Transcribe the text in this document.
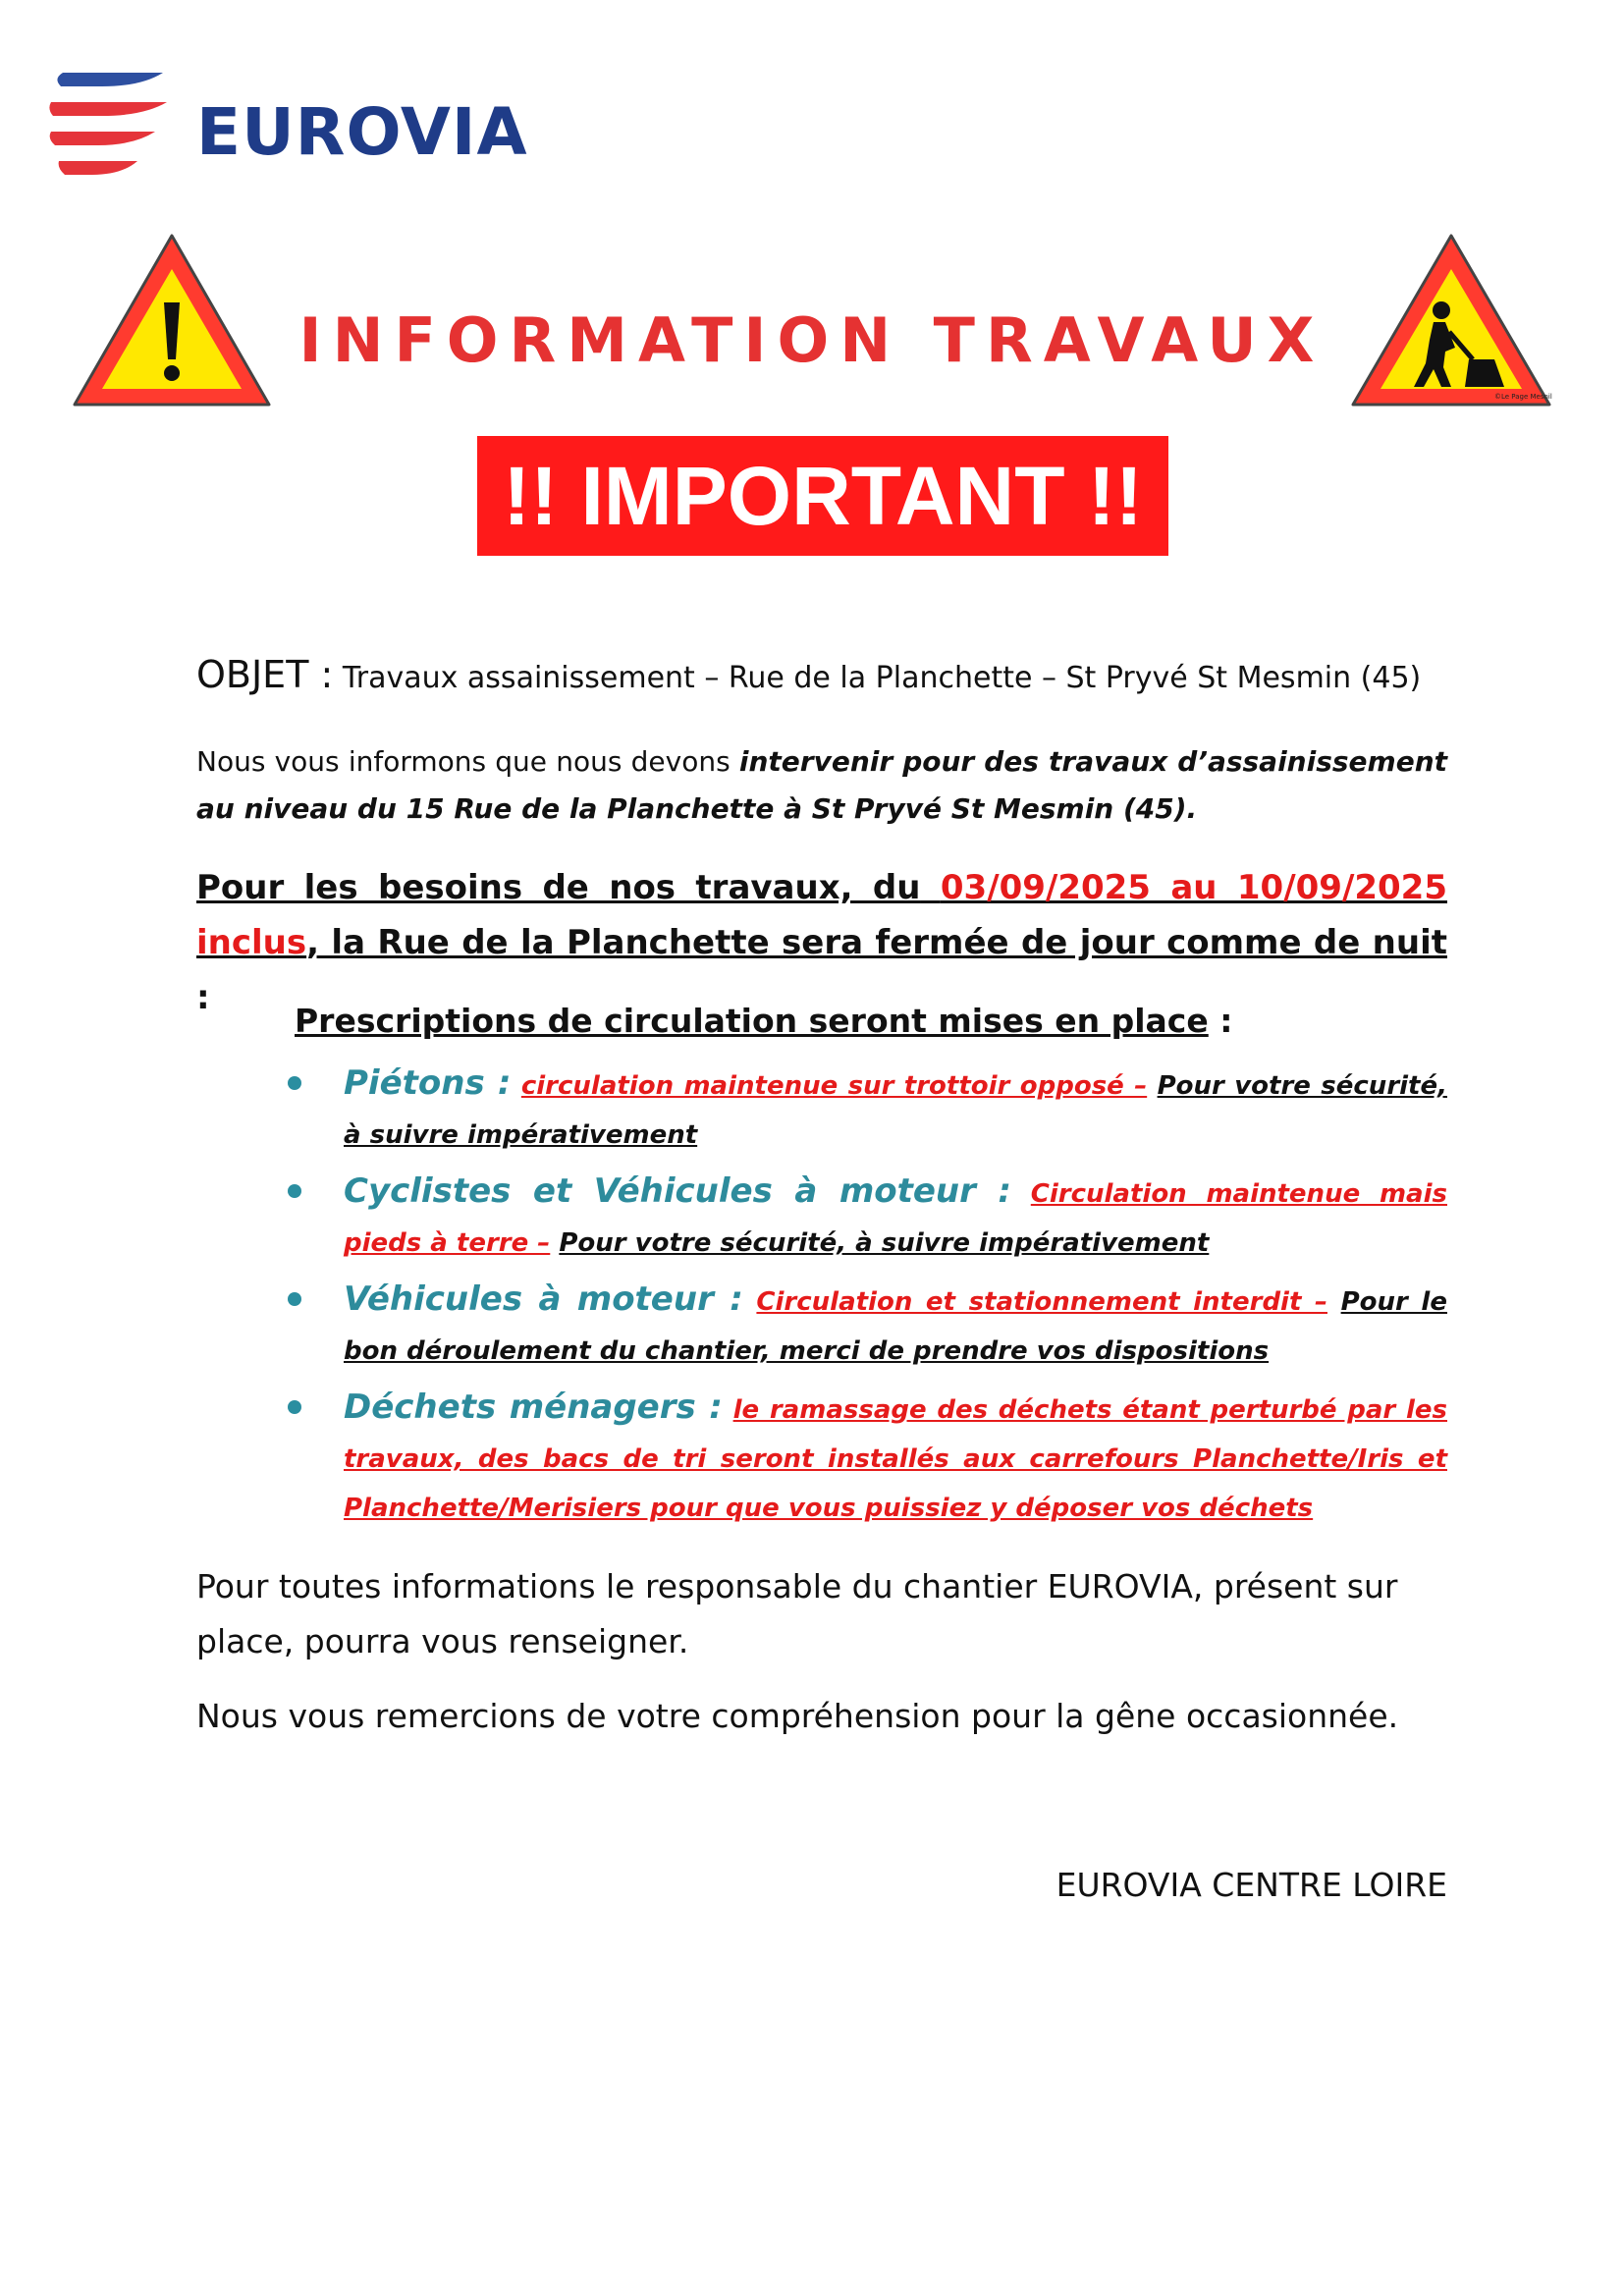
EUROVIA
INFORMATION TRAVAUX
©Le Page Mesnil
!! IMPORTANT !!
OBJET : Travaux assainissement – Rue de la Planchette – St Pryvé St Mesmin (45)
Nous vous informons que nous devons intervenir pour des travaux d’assainissement au niveau du 15 Rue de la Planchette à St Pryvé St Mesmin (45).
Pour les besoins de nos travaux, du 03/09/2025 au 10/09/2025 inclus, la Rue de la Planchette sera fermée de jour comme de nuit :
Prescriptions de circulation seront mises en place :
Piétons : circulation maintenue sur trottoir opposé – Pour votre sécurité, à suivre impérativement
Cyclistes et Véhicules à moteur : Circulation maintenue mais pieds à terre – Pour votre sécurité, à suivre impérativement
Véhicules à moteur : Circulation et stationnement interdit – Pour le bon déroulement du chantier, merci de prendre vos dispositions
Déchets ménagers : le ramassage des déchets étant perturbé par les travaux, des bacs de tri seront installés aux carrefours Planchette/Iris et Planchette/Merisiers pour que vous puissiez y déposer vos déchets
Pour toutes informations le responsable du chantier EUROVIA, présent sur place, pourra vous renseigner.
Nous vous remercions de votre compréhension pour la gêne occasionnée.
EUROVIA CENTRE LOIRE
